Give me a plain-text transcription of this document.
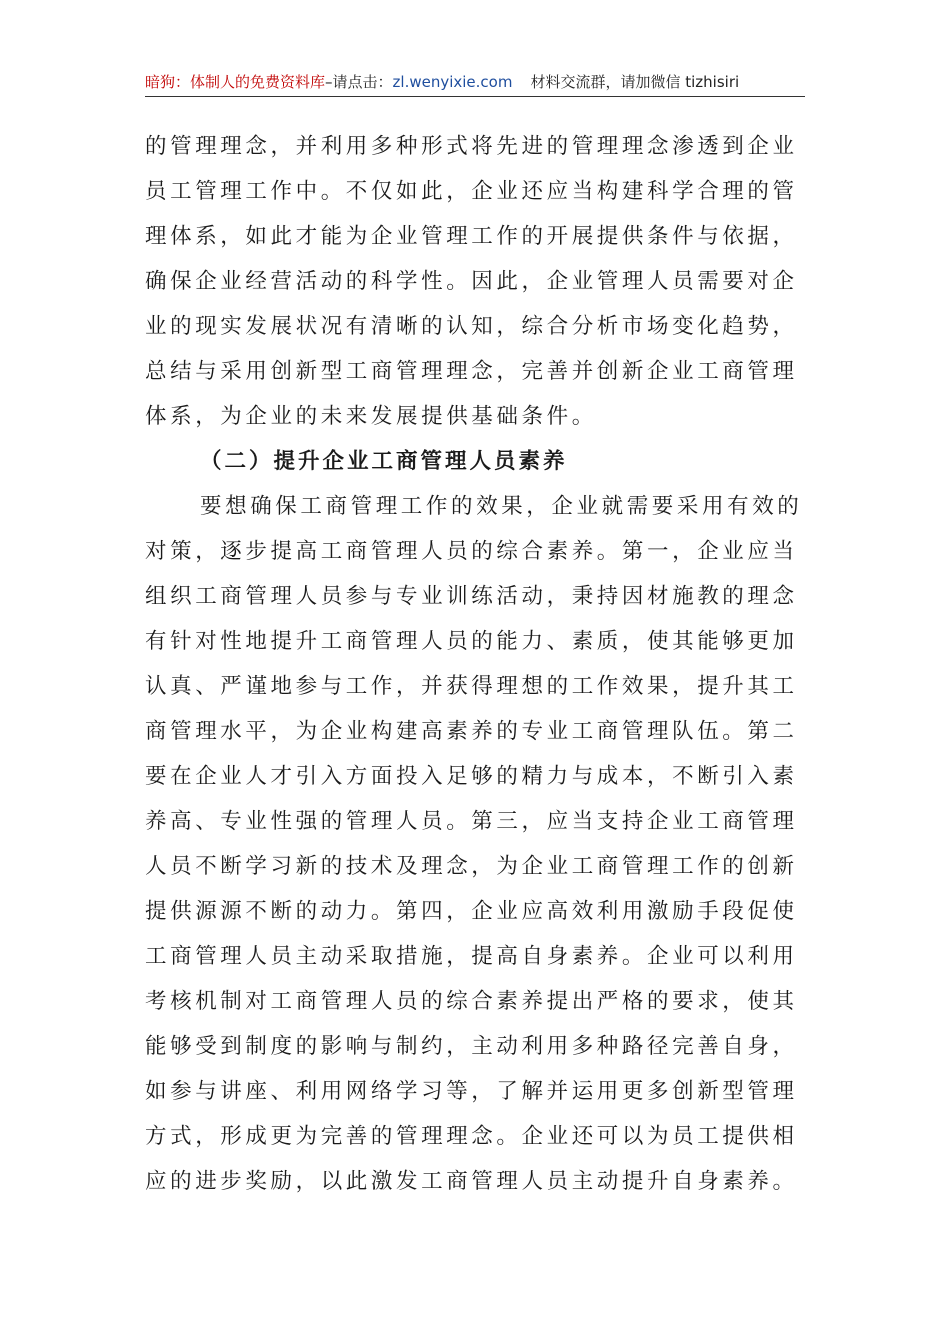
暗狗：体制人的免费资料库–请点击：zl.wenyixie.com 材料交流群，请加微信 tizhisiri
的管理理念，并利用多种形式将先进的管理理念渗透到企业
员工管理工作中。不仅如此，企业还应当构建科学合理的管
理体系，如此才能为企业管理工作的开展提供条件与依据，
确保企业经营活动的科学性。因此，企业管理人员需要对企
业的现实发展状况有清晰的认知，综合分析市场变化趋势，
总结与采用创新型工商管理理念，完善并创新企业工商管理
体系，为企业的未来发展提供基础条件。
（二）提升企业工商管理人员素养
要想确保工商管理工作的效果，企业就需要采用有效的
对策，逐步提高工商管理人员的综合素养。第一，企业应当
组织工商管理人员参与专业训练活动，秉持因材施教的理念
有针对性地提升工商管理人员的能力、素质，使其能够更加
认真、严谨地参与工作，并获得理想的工作效果，提升其工
商管理水平，为企业构建高素养的专业工商管理队伍。第二
要在企业人才引入方面投入足够的精力与成本，不断引入素
养高、专业性强的管理人员。第三，应当支持企业工商管理
人员不断学习新的技术及理念，为企业工商管理工作的创新
提供源源不断的动力。第四，企业应高效利用激励手段促使
工商管理人员主动采取措施，提高自身素养。企业可以利用
考核机制对工商管理人员的综合素养提出严格的要求，使其
能够受到制度的影响与制约，主动利用多种路径完善自身，
如参与讲座、利用网络学习等，了解并运用更多创新型管理
方式，形成更为完善的管理理念。企业还可以为员工提供相
应的进步奖励，以此激发工商管理人员主动提升自身素养。
